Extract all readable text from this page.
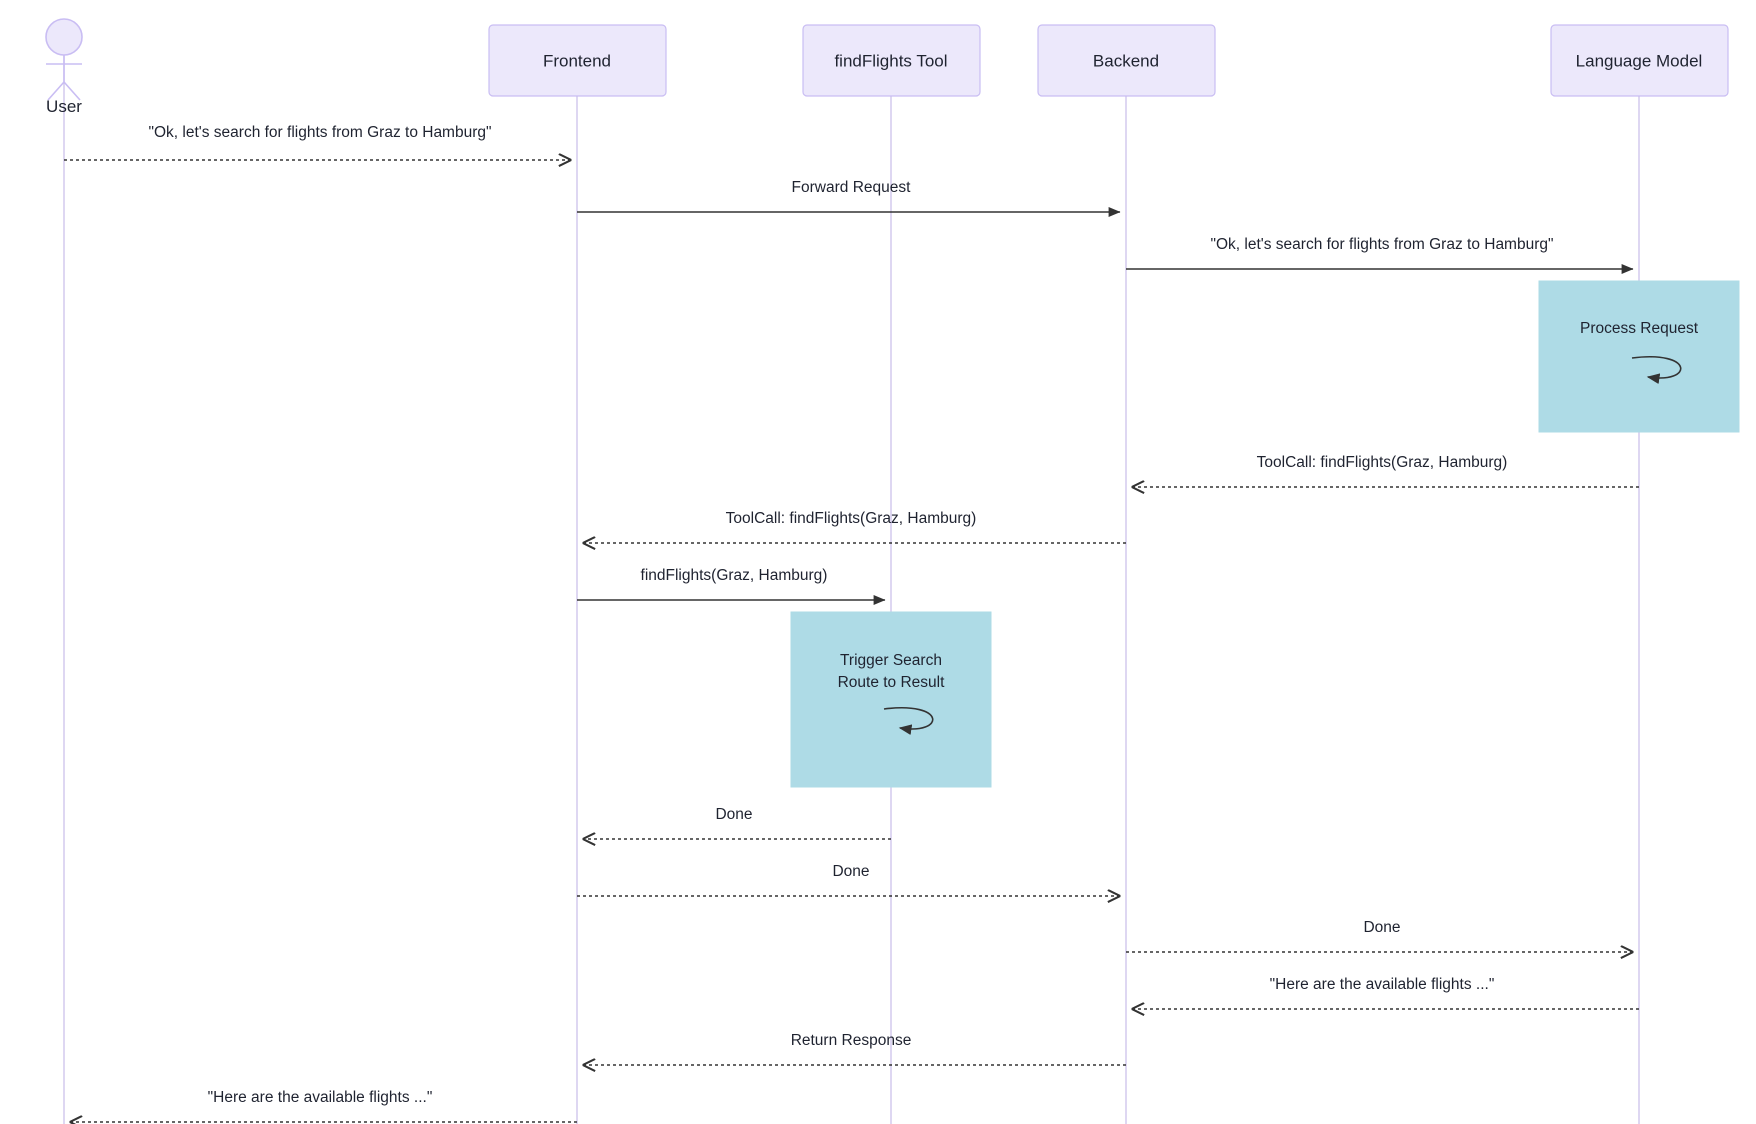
User
Frontend	findFlights Tool	Backend	Language Model
Process Request
Trigger Search
Route to Result
"Ok, let's search for flights from Graz to Hamburg"
Forward Request
"Ok, let's search for flights from Graz to Hamburg"
ToolCall: findFlights(Graz, Hamburg)
ToolCall: findFlights(Graz, Hamburg)
findFlights(Graz, Hamburg)
Done
Done
Done
"Here are the available flights ..."
Return Response
"Here are the available flights ..."
